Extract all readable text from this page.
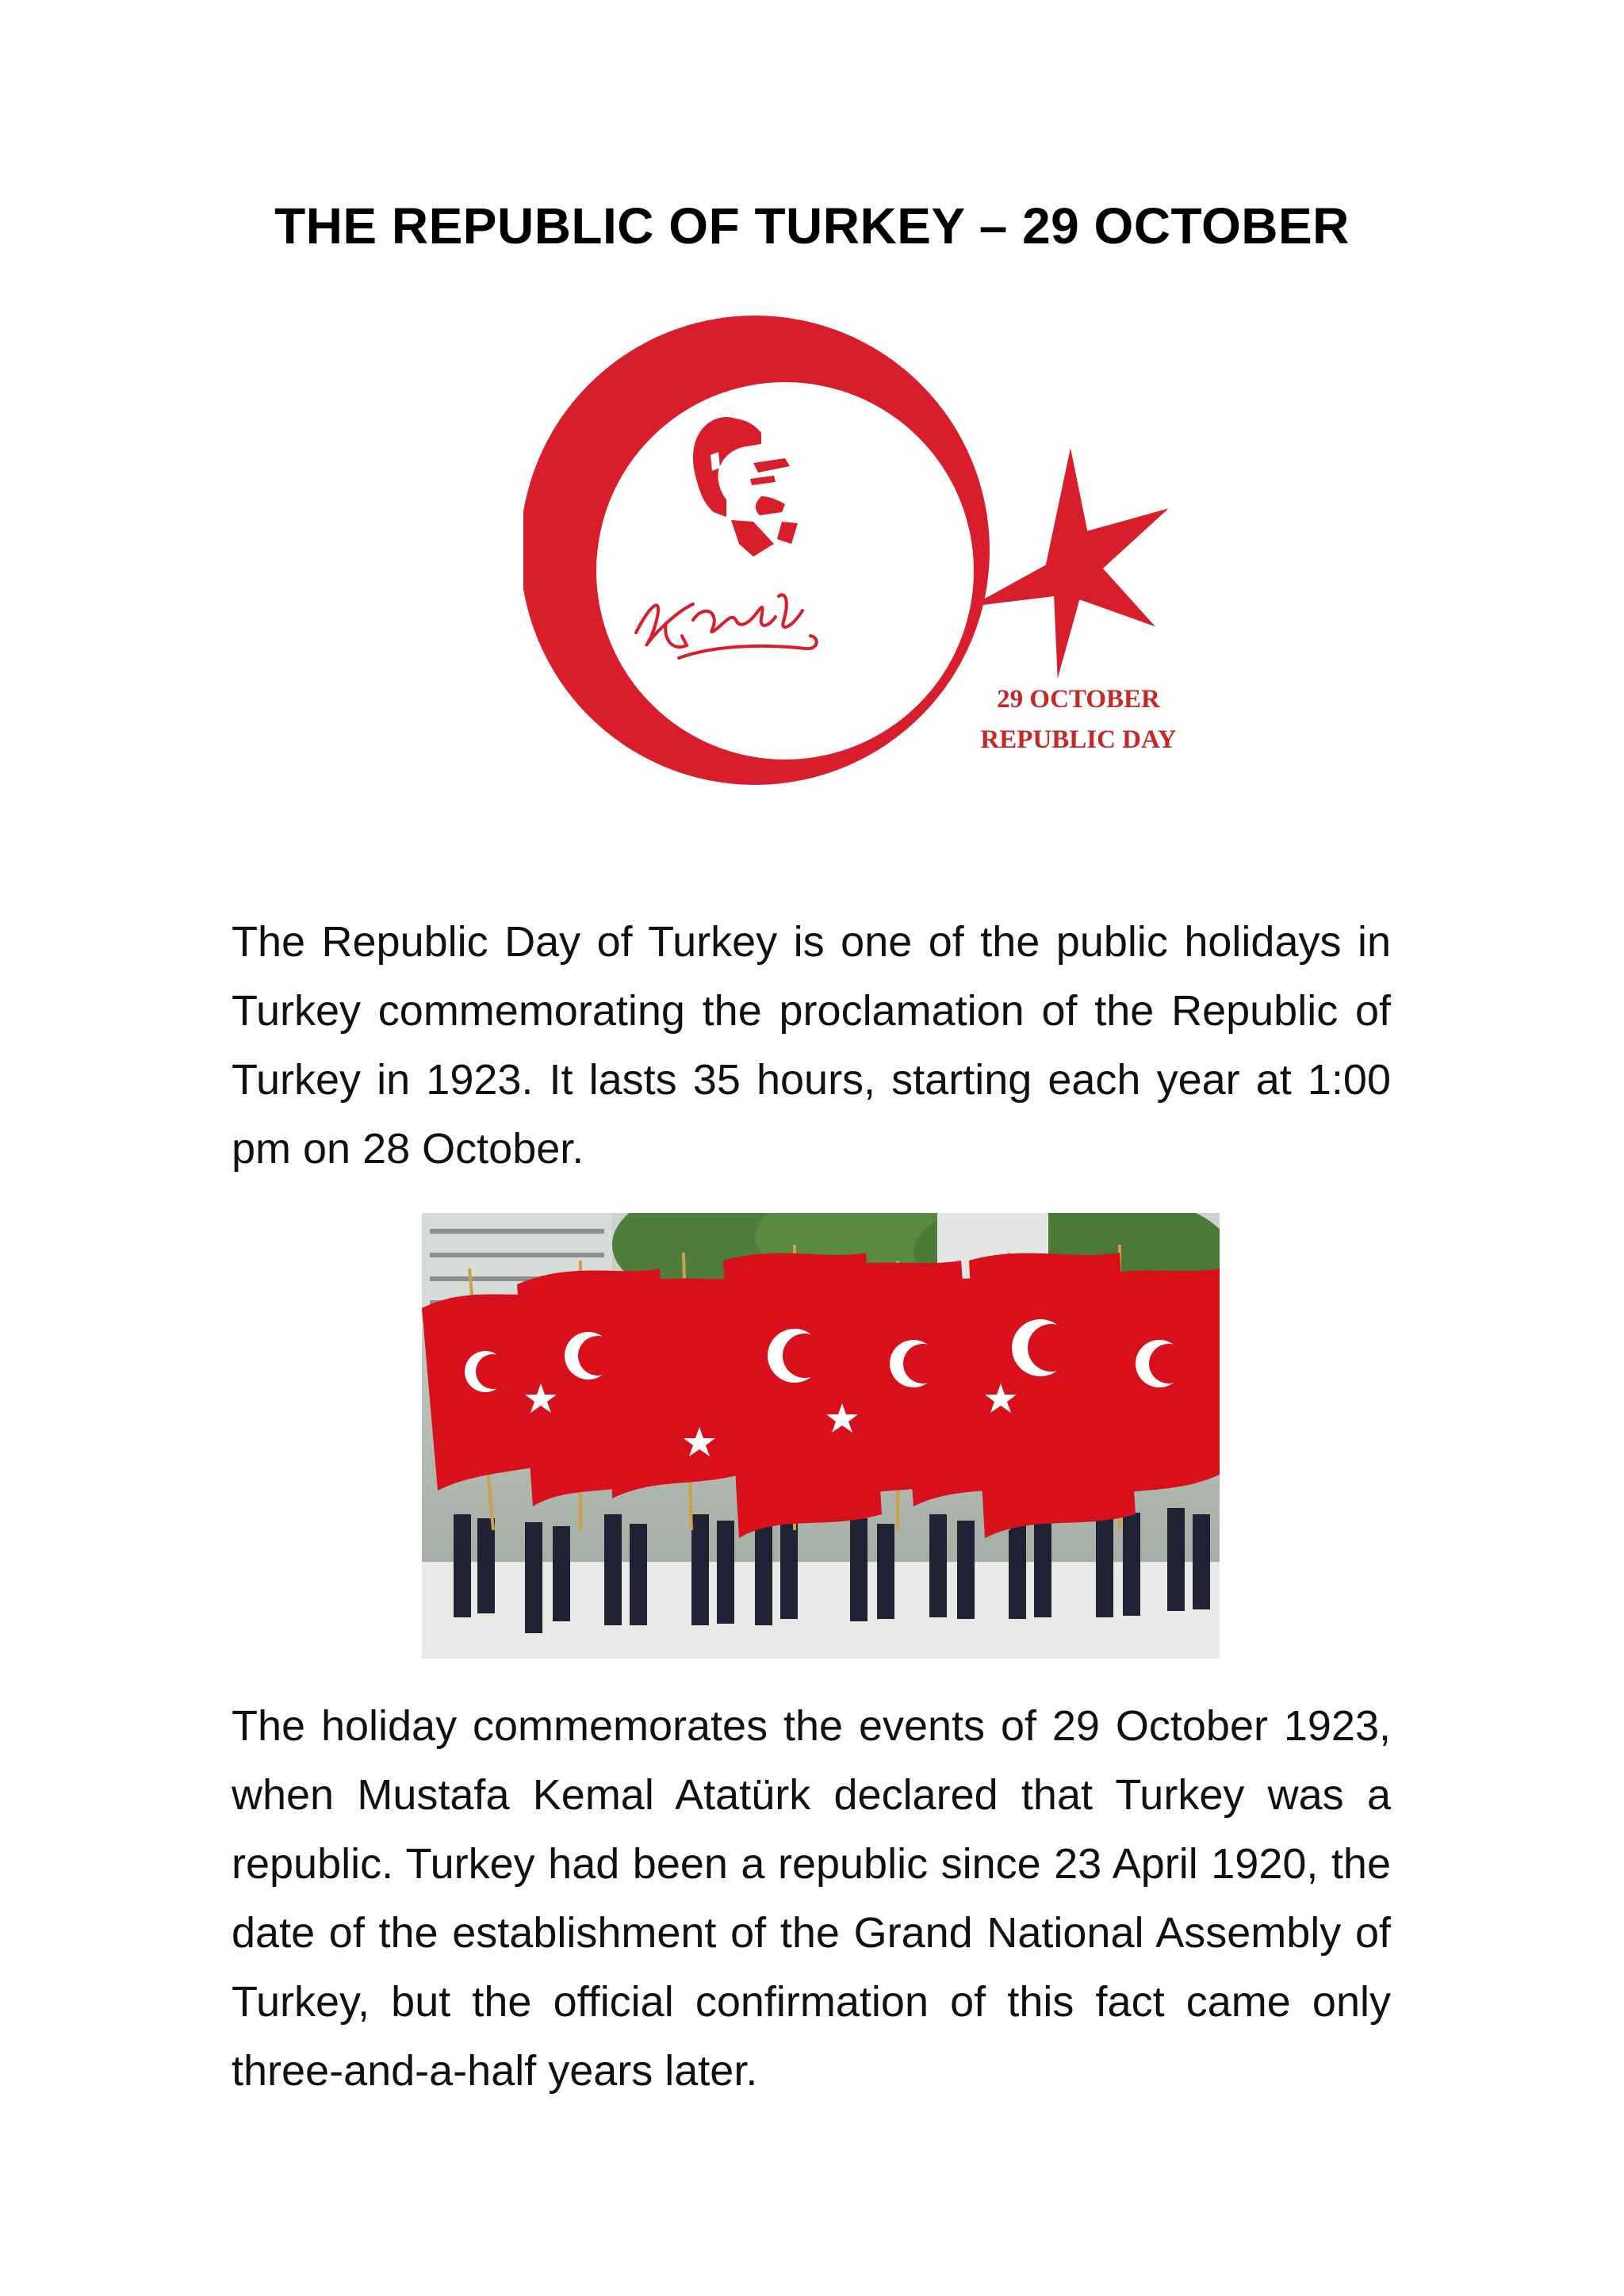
THE REPUBLIC OF TURKEY – 29 OCTOBER
29 OCTOBER
REPUBLIC DAY

The Republic Day of Turkey is one of the public holidays in Turkey commemorating the proclamation of the Republic of Turkey in 1923. It lasts 35 hours, starting each year at 1:00 pm on 28 October.

The holiday commemorates the events of 29 October 1923, when Mustafa Kemal Atatürk declared that Turkey was a republic. Turkey had been a republic since 23 April 1920, the date of the establishment of the Grand National Assembly of Turkey, but the official confirmation of this fact came only three-and-a-half years later.
